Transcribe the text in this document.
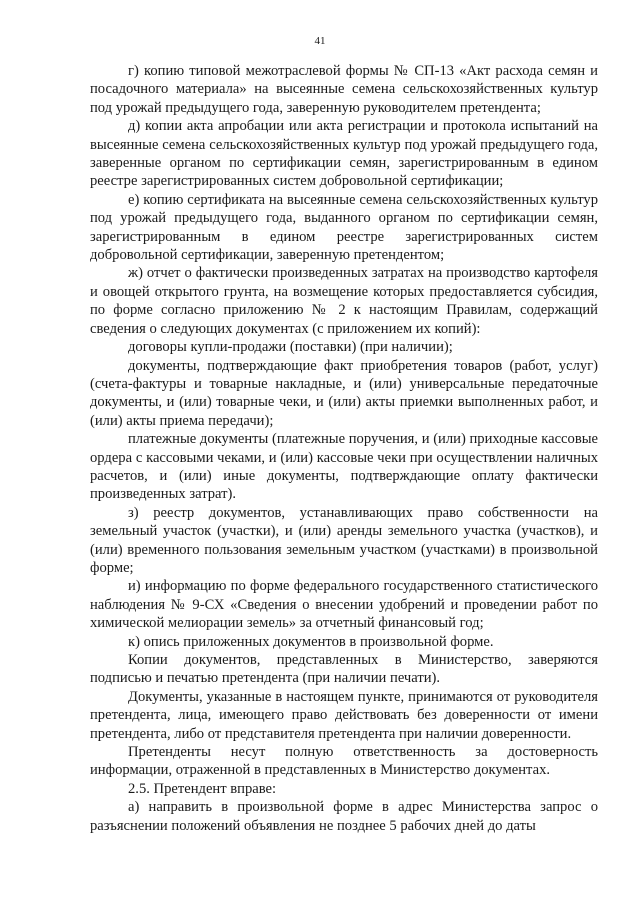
41

г) копию типовой межотраслевой формы № СП-13 «Акт расхода семян и посадочного материала» на высеянные семена сельскохозяйственных культур под урожай предыдущего года, заверенную руководителем претендента;

д) копии акта апробации или акта регистрации и протокола испытаний на высеянные семена сельскохозяйственных культур под урожай предыдущего года, заверенные органом по сертификации семян, зарегистрированным в едином реестре зарегистрированных систем добровольной сертификации;

е) копию сертификата на высеянные семена сельскохозяйственных культур под урожай предыдущего года, выданного органом по сертификации семян, зарегистрированным в едином реестре зарегистрированных систем добровольной сертификации, заверенную претендентом;

ж) отчет о фактически произведенных затратах на производство картофеля и овощей открытого грунта, на возмещение которых предоставляется субсидия, по форме согласно приложению № 2 к настоящим Правилам, содержащий сведения о следующих документах (с приложением их копий):

договоры купли-продажи (поставки) (при наличии);

документы, подтверждающие факт приобретения товаров (работ, услуг) (счета-фактуры и товарные накладные, и (или) универсальные передаточные документы, и (или) товарные чеки, и (или) акты приемки выполненных работ, и (или) акты приема передачи);

платежные документы (платежные поручения, и (или) приходные кассовые ордера с кассовыми чеками, и (или) кассовые чеки при осуществлении наличных расчетов, и (или) иные документы, подтверждающие оплату фактически произведенных затрат).

з) реестр документов, устанавливающих право собственности на земельный участок (участки), и (или) аренды земельного участка (участков), и (или) временного пользования земельным участком (участками) в произвольной форме;

и) информацию по форме федерального государственного статистического наблюдения № 9-СХ «Сведения о внесении удобрений и проведении работ по химической мелиорации земель» за отчетный финансовый год;

к) опись приложенных документов в произвольной форме.

Копии документов, представленных в Министерство, заверяются подписью и печатью претендента (при наличии печати).

Документы, указанные в настоящем пункте, принимаются от руководителя претендента, лица, имеющего право действовать без доверенности от имени претендента, либо от представителя претендента при наличии доверенности.

Претенденты несут полную ответственность за достоверность информации, отраженной в представленных в Министерство документах.

2.5. Претендент вправе:

а) направить в произвольной форме в адрес Министерства запрос о разъяснении положений объявления не позднее 5 рабочих дней до даты
